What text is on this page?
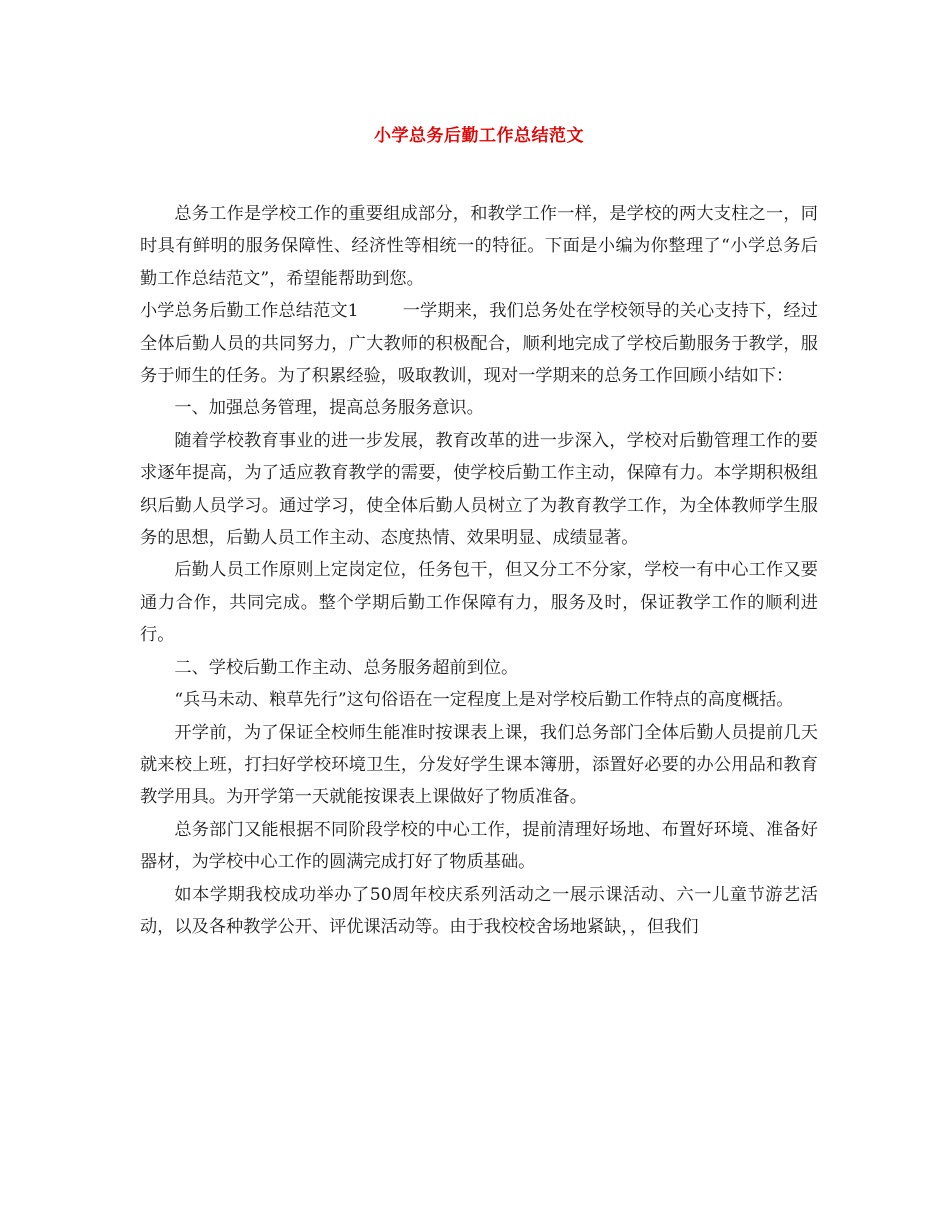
小学总务后勤工作总结范文

总务工作是学校工作的重要组成部分，和教学工作一样，是学校的两大支柱之一，同时具有鲜明的服务保障性、经济性等相统一的特征。下面是小编为你整理了“小学总务后勤工作总结范文”，希望能帮助到您。

小学总务后勤工作总结范文1	一学期来，我们总务处在学校领导的关心支持下，经过全体后勤人员的共同努力，广大教师的积极配合，顺利地完成了学校后勤服务于教学，服务于师生的任务。为了积累经验，吸取教训，现对一学期来的总务工作回顾小结如下：

一、加强总务管理，提高总务服务意识。

随着学校教育事业的进一步发展，教育改革的进一步深入，学校对后勤管理工作的要求逐年提高，为了适应教育教学的需要，使学校后勤工作主动，保障有力。本学期积极组织后勤人员学习。通过学习，使全体后勤人员树立了为教育教学工作，为全体教师学生服务的思想，后勤人员工作主动、态度热情、效果明显、成绩显著。

后勤人员工作原则上定岗定位，任务包干，但又分工不分家，学校一有中心工作又要通力合作，共同完成。整个学期后勤工作保障有力，服务及时，保证教学工作的顺利进行。

二、学校后勤工作主动、总务服务超前到位。

“兵马未动、粮草先行”这句俗语在一定程度上是对学校后勤工作特点的高度概括。

开学前，为了保证全校师生能准时按课表上课，我们总务部门全体后勤人员提前几天就来校上班，打扫好学校环境卫生，分发好学生课本簿册，添置好必要的办公用品和教育教学用具。为开学第一天就能按课表上课做好了物质准备。

总务部门又能根据不同阶段学校的中心工作，提前清理好场地、布置好环境、准备好器材，为学校中心工作的圆满完成打好了物质基础。

如本学期我校成功举办了50周年校庆系列活动之一展示课活动、六一儿童节游艺活动，以及各种教学公开、评优课活动等。由于我校校舍场地紧缺，，但我们
